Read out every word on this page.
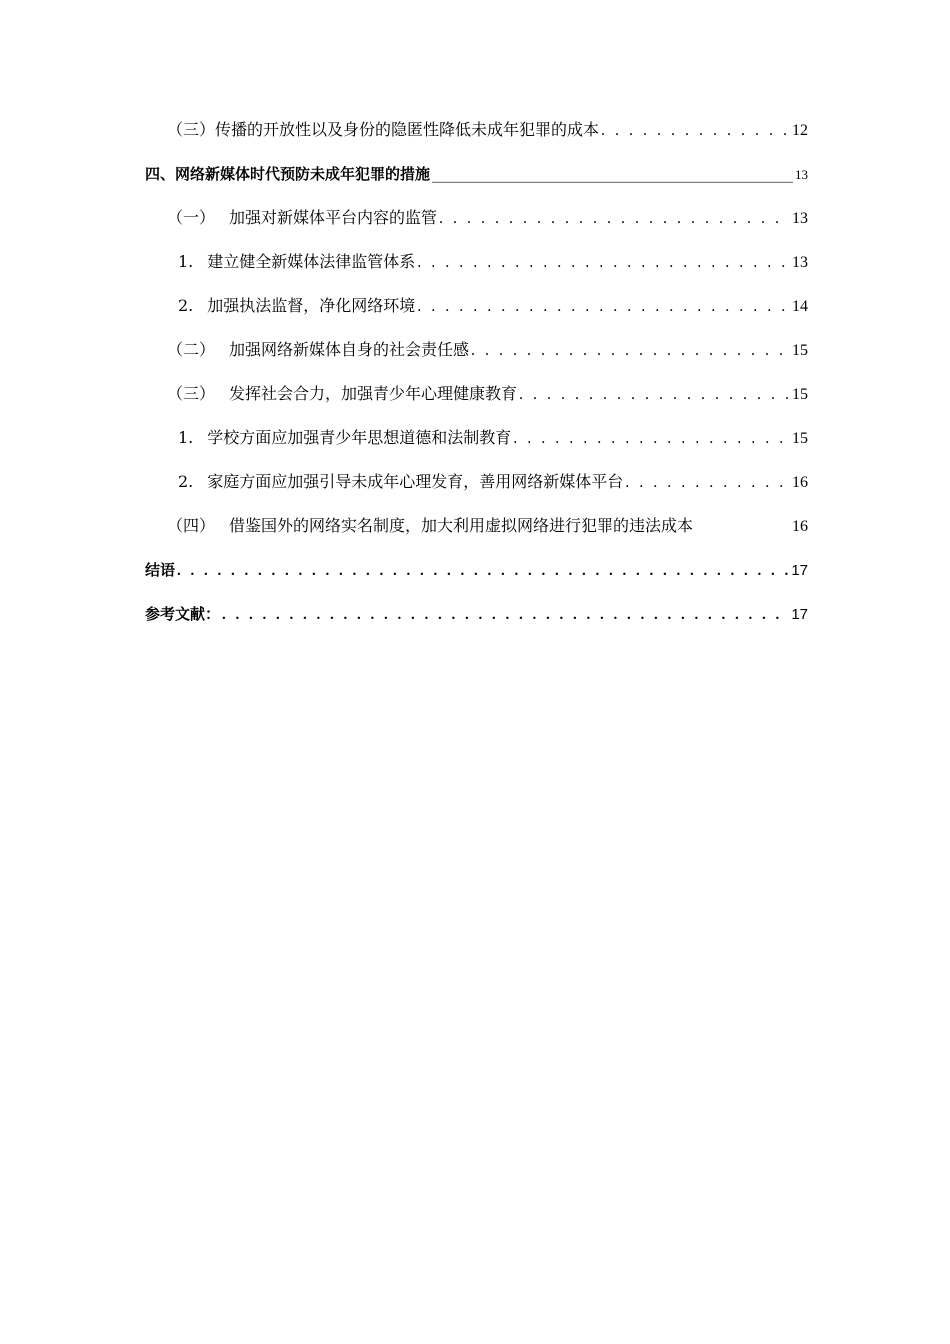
（三）传播的开放性以及身份的隐匿性降低未成年犯罪的成本 . . .	12
四、网络新媒体时代预防未成年犯罪的措施 .....	13
（一） 加强对新媒体平台内容的监管 . . .	13
1. 建立健全新媒体法律监管体系 . . .	13
2. 加强执法监督，净化网络环境 . . .	14
（二） 加强网络新媒体自身的社会责任感 . . .	15
（三） 发挥社会合力，加强青少年心理健康教育 . . .	15
1. 学校方面应加强青少年思想道德和法制教育 . . .	15
2. 家庭方面应加强引导未成年心理发育，善用网络新媒体平台 . . .	16
（四） 借鉴国外的网络实名制度，加大利用虚拟网络进行犯罪的违法成本	16
结语 . . .	17
参考文献： . . .	17
